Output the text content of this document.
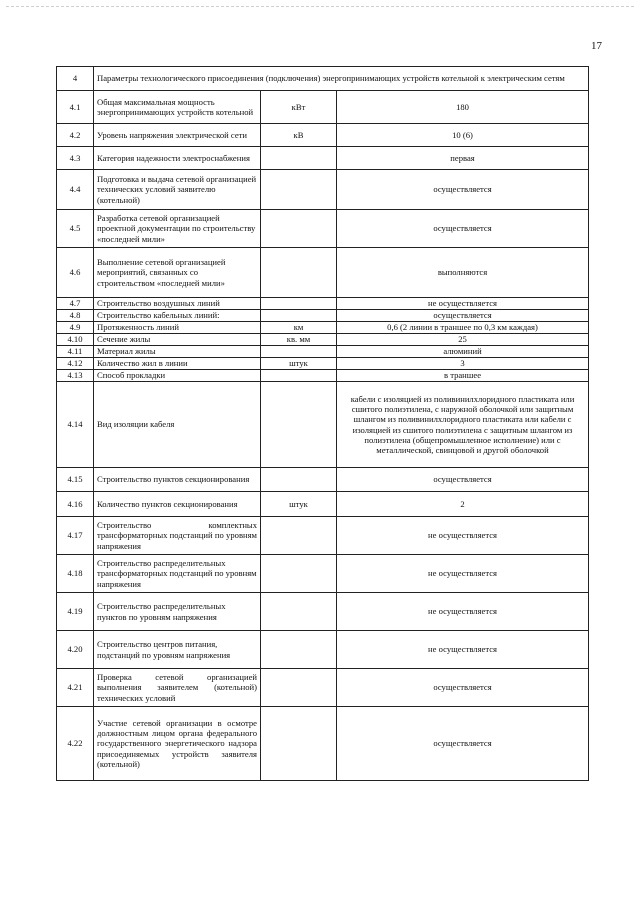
17
4	Параметры технологического присоединения (подключения) энергопринимающих устройств котельной к электрическим сетям		
4.1	Общая максимальная мощность энергопринимающих устройств котельной	кВт	180
4.2	Уровень напряжения электрической сети	кВ	10 (6)
4.3	Категория надежности электроснабжения		первая
4.4	Подготовка и выдача сетевой организацией технических условий заявителю (котельной)		осуществляется
4.5	Разработка сетевой организацией проектной документации по строительству «последней мили»		осуществляется
4.6	Выполнение сетевой организацией мероприятий, связанных со строительством «последней мили»		выполняются
4.7	Строительство воздушных линий		не осуществляется
4.8	Строительство кабельных линий:		осуществляется
4.9	Протяженность линий	км	0,6 (2 линии в траншее по 0,3 км каждая)
4.10	Сечение жилы	кв. мм	25
4.11	Материал жилы		алюминий
4.12	Количество жил в линии	штук	3
4.13	Способ прокладки		в траншее
4.14	Вид изоляции кабеля		кабели с изоляцией из поливинилхлоридного пластиката или сшитого полиэтилена, с наружной оболочкой или защитным шлангом из поливинилхлоридного пластиката или кабели с изоляцией из сшитого полиэтилена с защитным шлангом из полиэтилена (общепромышленное исполнение) или с металлической, свинцовой и другой оболочкой
4.15	Строительство пунктов секционирования		осуществляется
4.16	Количество пунктов секционирования	штук	2
4.17	Строительство комплектных трансформаторных подстанций по уровням напряжения		не осуществляется
4.18	Строительство распределительных трансформаторных подстанций по уровням напряжения		не осуществляется
4.19	Строительство распределительных пунктов по уровням напряжения		не осуществляется
4.20	Строительство центров питания, подстанций по уровням напряжения		не осуществляется
4.21	Проверка сетевой организацией выполнения заявителем (котельной) технических условий		осуществляется
4.22	Участие сетевой организации в осмотре должностным лицом органа федерального государственного энергетического надзора присоединяемых устройств заявителя (котельной)		осуществляется
